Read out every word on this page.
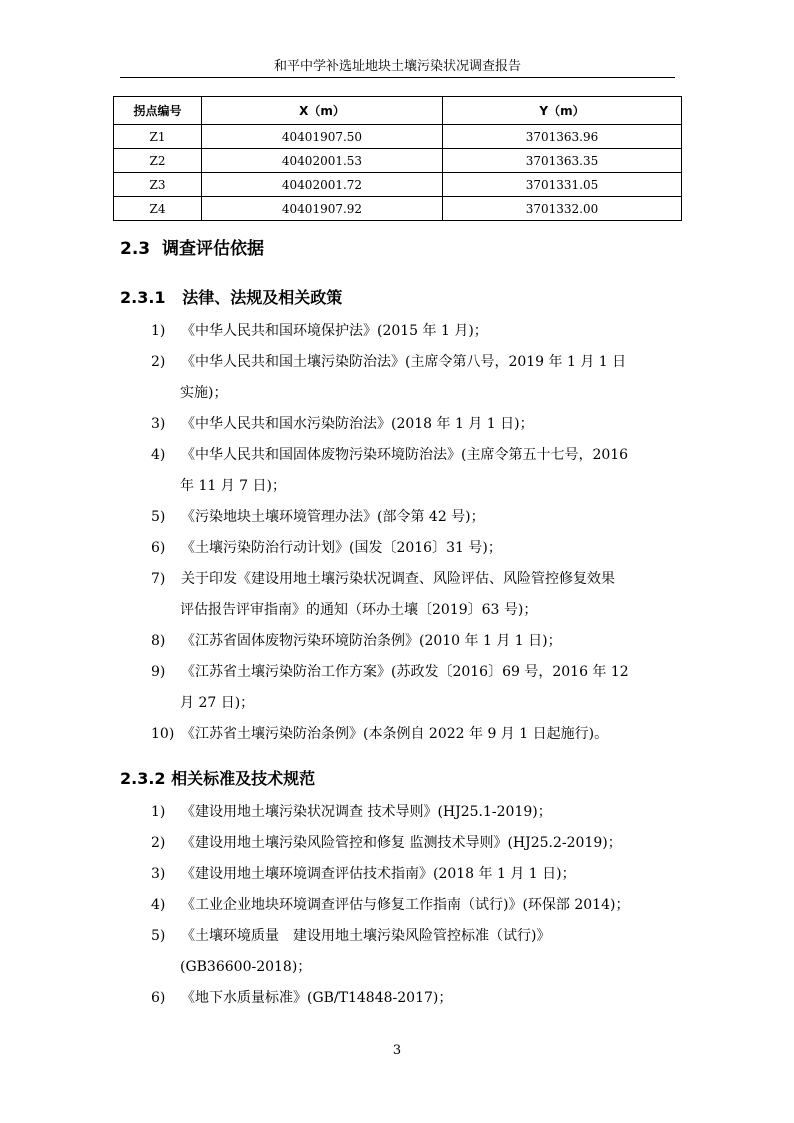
和平中学补选址地块土壤污染状况调查报告
拐点编号	X（m）	Y（m）
Z1	40401907.50	3701363.96
Z2	40402001.53	3701363.35
Z3	40402001.72	3701331.05
Z4	40401907.92	3701332.00
2.3 调查评估依据
2.3.1 法律、法规及相关政策
1) 《中华人民共和国环境保护法》(2015 年 1 月)；
2) 《中华人民共和国土壤污染防治法》(主席令第八号，2019 年 1 月 1 日
实施)；
3) 《中华人民共和国水污染防治法》(2018 年 1 月 1 日)；
4) 《中华人民共和国固体废物污染环境防治法》(主席令第五十七号，2016
年 11 月 7 日)；
5) 《污染地块土壤环境管理办法》(部令第 42 号)；
6) 《土壤污染防治行动计划》(国发〔2016〕31 号)；
7) 关于印发《建设用地土壤污染状况调查、风险评估、风险管控修复效果
评估报告评审指南》的通知（环办土壤〔2019〕63 号)；
8) 《江苏省固体废物污染环境防治条例》(2010 年 1 月 1 日)；
9) 《江苏省土壤污染防治工作方案》(苏政发〔2016〕69 号，2016 年 12
月 27 日)；
10) 《江苏省土壤污染防治条例》(本条例自 2022 年 9 月 1 日起施行)。
2.3.2 相关标准及技术规范
1) 《建设用地土壤污染状况调查 技术导则》(HJ25.1-2019)；
2) 《建设用地土壤污染风险管控和修复 监测技术导则》(HJ25.2-2019)；
3) 《建设用地土壤环境调查评估技术指南》(2018 年 1 月 1 日)；
4) 《工业企业地块环境调查评估与修复工作指南（试行)》(环保部 2014)；
5) 《土壤环境质量　建设用地土壤污染风险管控标准（试行)》
(GB36600-2018)；
6) 《地下水质量标准》(GB/T14848-2017)；
3
